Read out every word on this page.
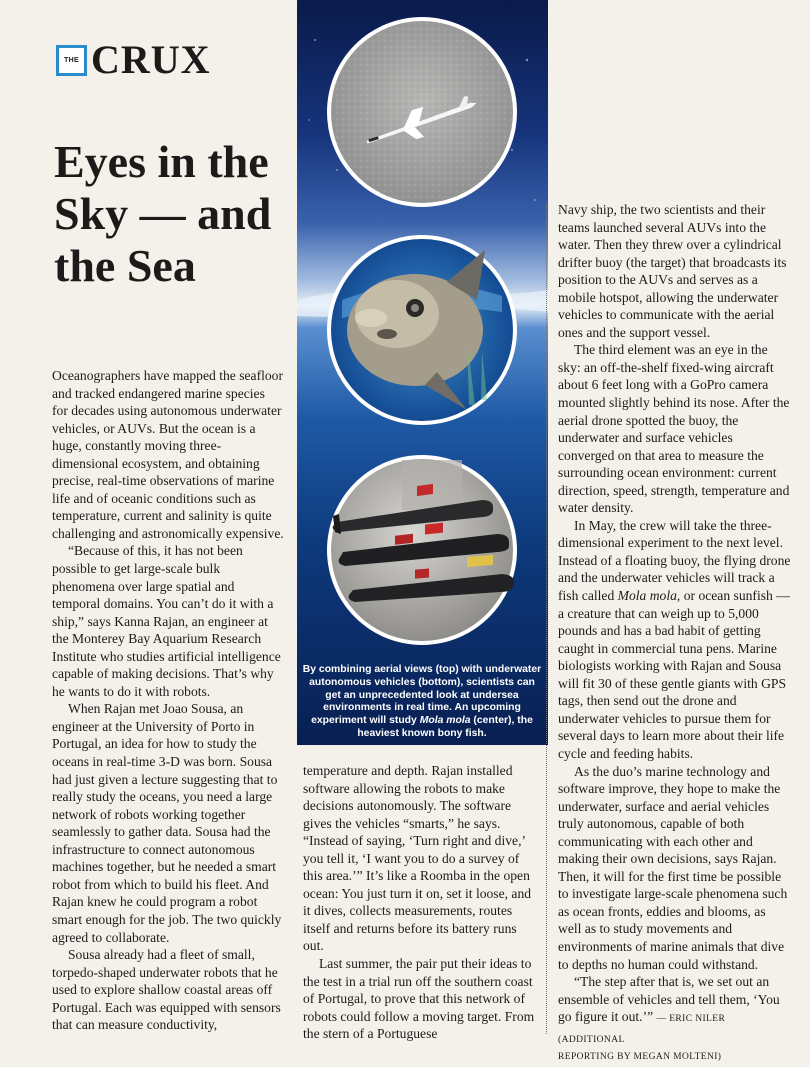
THE CRUX
Eyes in the Sky — and the Sea

Oceanographers have mapped the seafloor and tracked endangered marine species for decades using autonomous underwater vehicles, or AUVs. But the ocean is a huge, constantly moving three-dimensional ecosystem, and obtaining precise, real-time observations of marine life and of oceanic conditions such as temperature, current and salinity is quite challenging and astronomically expensive.

“Because of this, it has not been possible to get large-scale bulk phenomena over large spatial and temporal domains. You can’t do it with a ship,” says Kanna Rajan, an engineer at the Monterey Bay Aquarium Research Institute who studies artificial intelligence capable of making decisions. That’s why he wants to do it with robots.

When Rajan met Joao Sousa, an engineer at the University of Porto in Portugal, an idea for how to study the oceans in real-time 3-D was born. Sousa had just given a lecture suggesting that to really study the oceans, you need a large network of robots working together seamlessly to gather data. Sousa had the infrastructure to connect autonomous machines together, but he needed a smart robot from which to build his fleet. And Rajan knew he could program a robot smart enough for the job. The two quickly agreed to collaborate.

Sousa already had a fleet of small, torpedo-shaped underwater robots that he used to explore shallow coastal areas off Portugal. Each was equipped with sensors that can measure conductivity,

By combining aerial views (top) with underwater autonomous vehicles (bottom), scientists can get an unprecedented look at undersea environments in real time. An upcoming experiment will study Mola mola (center), the heaviest known bony fish.

temperature and depth. Rajan installed software allowing the robots to make decisions autonomously. The software gives the vehicles “smarts,” he says. “Instead of saying, ‘Turn right and dive,’ you tell it, ‘I want you to do a survey of this area.’” It’s like a Roomba in the open ocean: You just turn it on, set it loose, and it dives, collects measurements, routes itself and returns before its battery runs out.

Last summer, the pair put their ideas to the test in a trial run off the southern coast of Portugal, to prove that this network of robots could follow a moving target. From the stern of a Portuguese

Navy ship, the two scientists and their teams launched several AUVs into the water. Then they threw over a cylindrical drifter buoy (the target) that broadcasts its position to the AUVs and serves as a mobile hotspot, allowing the underwater vehicles to communicate with the aerial ones and the support vessel.

The third element was an eye in the sky: an off-the-shelf fixed-wing aircraft about 6 feet long with a GoPro camera mounted slightly behind its nose. After the aerial drone spotted the buoy, the underwater and surface vehicles converged on that area to measure the surrounding ocean environment: current direction, speed, strength, temperature and water density.

In May, the crew will take the three-dimensional experiment to the next level. Instead of a floating buoy, the flying drone and the underwater vehicles will track a fish called Mola mola, or ocean sunfish — a creature that can weigh up to 5,000 pounds and has a bad habit of getting caught in commercial tuna pens. Marine biologists working with Rajan and Sousa will fit 30 of these gentle giants with GPS tags, then send out the drone and underwater vehicles to pursue them for several days to learn more about their life cycle and feeding habits.

As the duo’s marine technology and software improve, they hope to make the underwater, surface and aerial vehicles truly autonomous, capable of both communicating with each other and making their own decisions, says Rajan. Then, it will for the first time be possible to investigate large-scale phenomena such as ocean fronts, eddies and blooms, as well as to study movements and environments of marine animals that dive to depths no human could withstand.

“The step after that is, we set out an ensemble of vehicles and tell them, ‘You go figure it out.’” — ERIC NILER (ADDITIONAL
REPORTING BY MEGAN MOLTENI)
